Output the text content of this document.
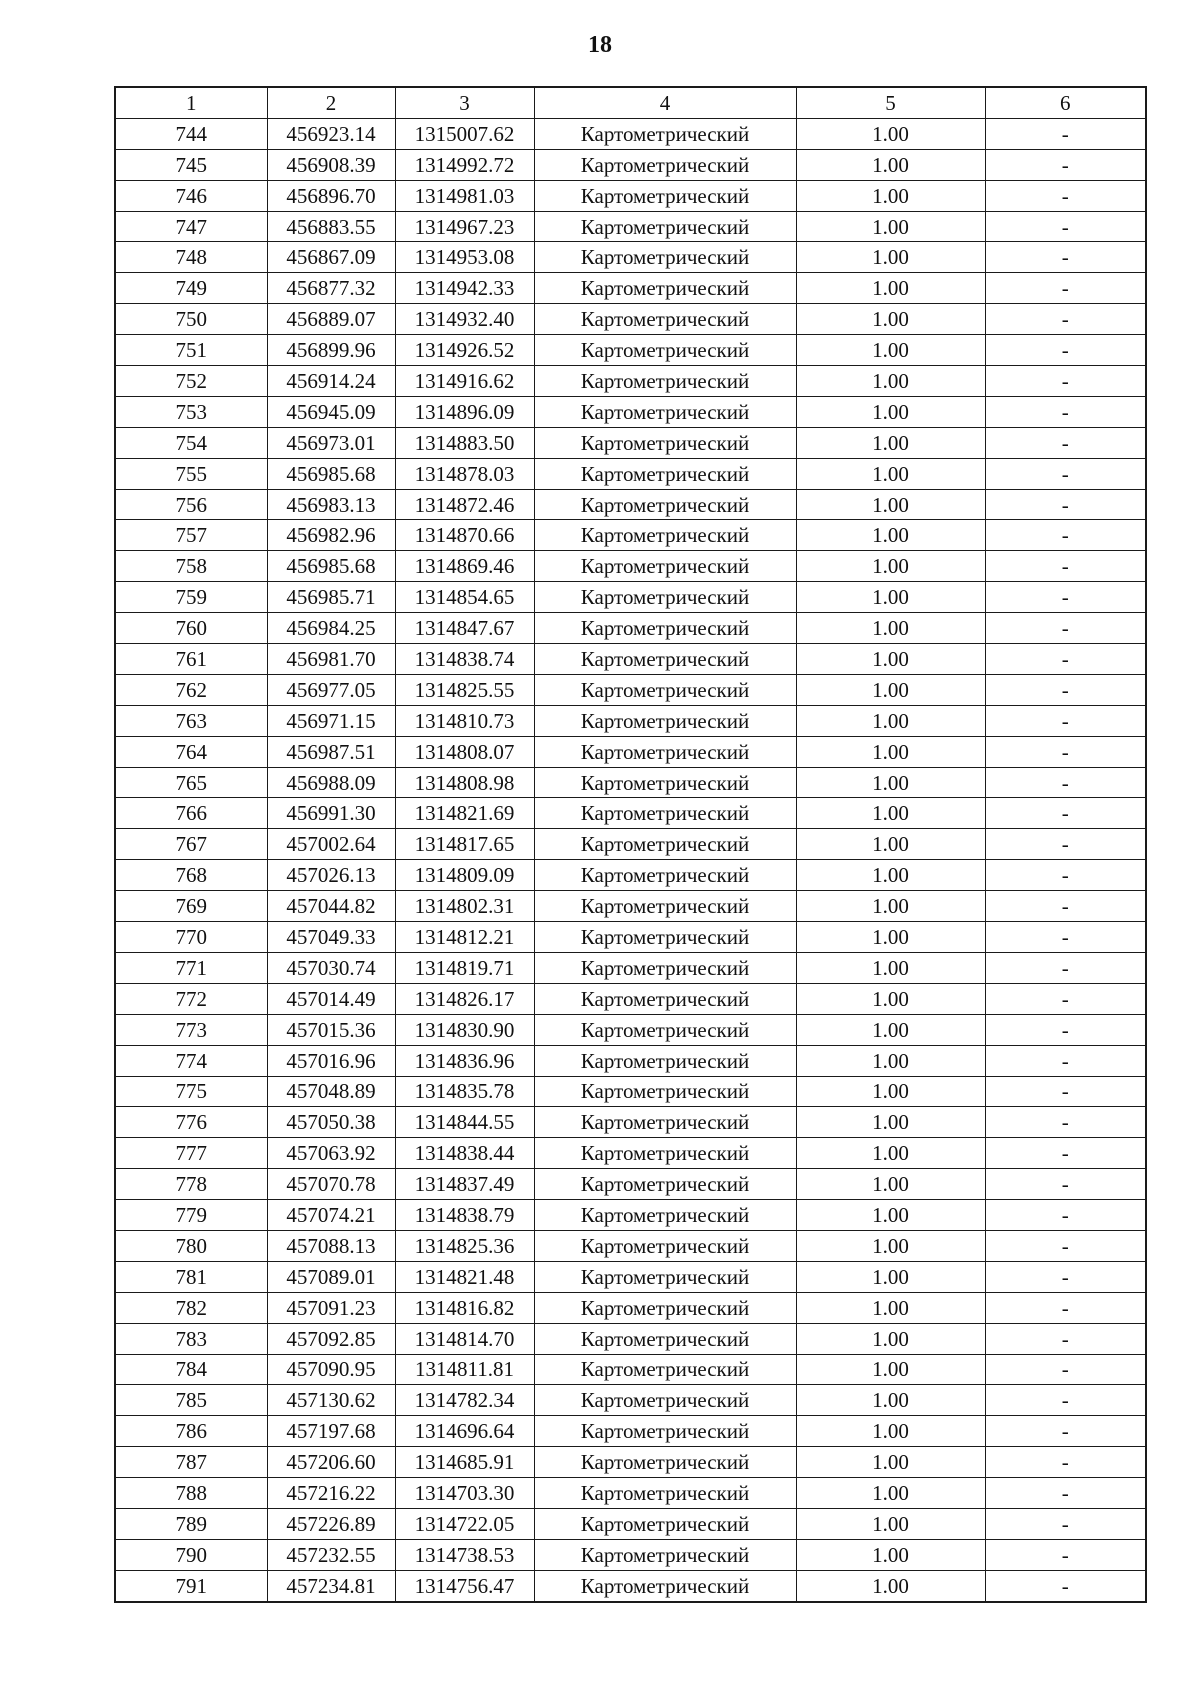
18
1	2	3	4	5	6
744	456923.14	1315007.62	Картометрический	1.00	-
745	456908.39	1314992.72	Картометрический	1.00	-
746	456896.70	1314981.03	Картометрический	1.00	-
747	456883.55	1314967.23	Картометрический	1.00	-
748	456867.09	1314953.08	Картометрический	1.00	-
749	456877.32	1314942.33	Картометрический	1.00	-
750	456889.07	1314932.40	Картометрический	1.00	-
751	456899.96	1314926.52	Картометрический	1.00	-
752	456914.24	1314916.62	Картометрический	1.00	-
753	456945.09	1314896.09	Картометрический	1.00	-
754	456973.01	1314883.50	Картометрический	1.00	-
755	456985.68	1314878.03	Картометрический	1.00	-
756	456983.13	1314872.46	Картометрический	1.00	-
757	456982.96	1314870.66	Картометрический	1.00	-
758	456985.68	1314869.46	Картометрический	1.00	-
759	456985.71	1314854.65	Картометрический	1.00	-
760	456984.25	1314847.67	Картометрический	1.00	-
761	456981.70	1314838.74	Картометрический	1.00	-
762	456977.05	1314825.55	Картометрический	1.00	-
763	456971.15	1314810.73	Картометрический	1.00	-
764	456987.51	1314808.07	Картометрический	1.00	-
765	456988.09	1314808.98	Картометрический	1.00	-
766	456991.30	1314821.69	Картометрический	1.00	-
767	457002.64	1314817.65	Картометрический	1.00	-
768	457026.13	1314809.09	Картометрический	1.00	-
769	457044.82	1314802.31	Картометрический	1.00	-
770	457049.33	1314812.21	Картометрический	1.00	-
771	457030.74	1314819.71	Картометрический	1.00	-
772	457014.49	1314826.17	Картометрический	1.00	-
773	457015.36	1314830.90	Картометрический	1.00	-
774	457016.96	1314836.96	Картометрический	1.00	-
775	457048.89	1314835.78	Картометрический	1.00	-
776	457050.38	1314844.55	Картометрический	1.00	-
777	457063.92	1314838.44	Картометрический	1.00	-
778	457070.78	1314837.49	Картометрический	1.00	-
779	457074.21	1314838.79	Картометрический	1.00	-
780	457088.13	1314825.36	Картометрический	1.00	-
781	457089.01	1314821.48	Картометрический	1.00	-
782	457091.23	1314816.82	Картометрический	1.00	-
783	457092.85	1314814.70	Картометрический	1.00	-
784	457090.95	1314811.81	Картометрический	1.00	-
785	457130.62	1314782.34	Картометрический	1.00	-
786	457197.68	1314696.64	Картометрический	1.00	-
787	457206.60	1314685.91	Картометрический	1.00	-
788	457216.22	1314703.30	Картометрический	1.00	-
789	457226.89	1314722.05	Картометрический	1.00	-
790	457232.55	1314738.53	Картометрический	1.00	-
791	457234.81	1314756.47	Картометрический	1.00	-
